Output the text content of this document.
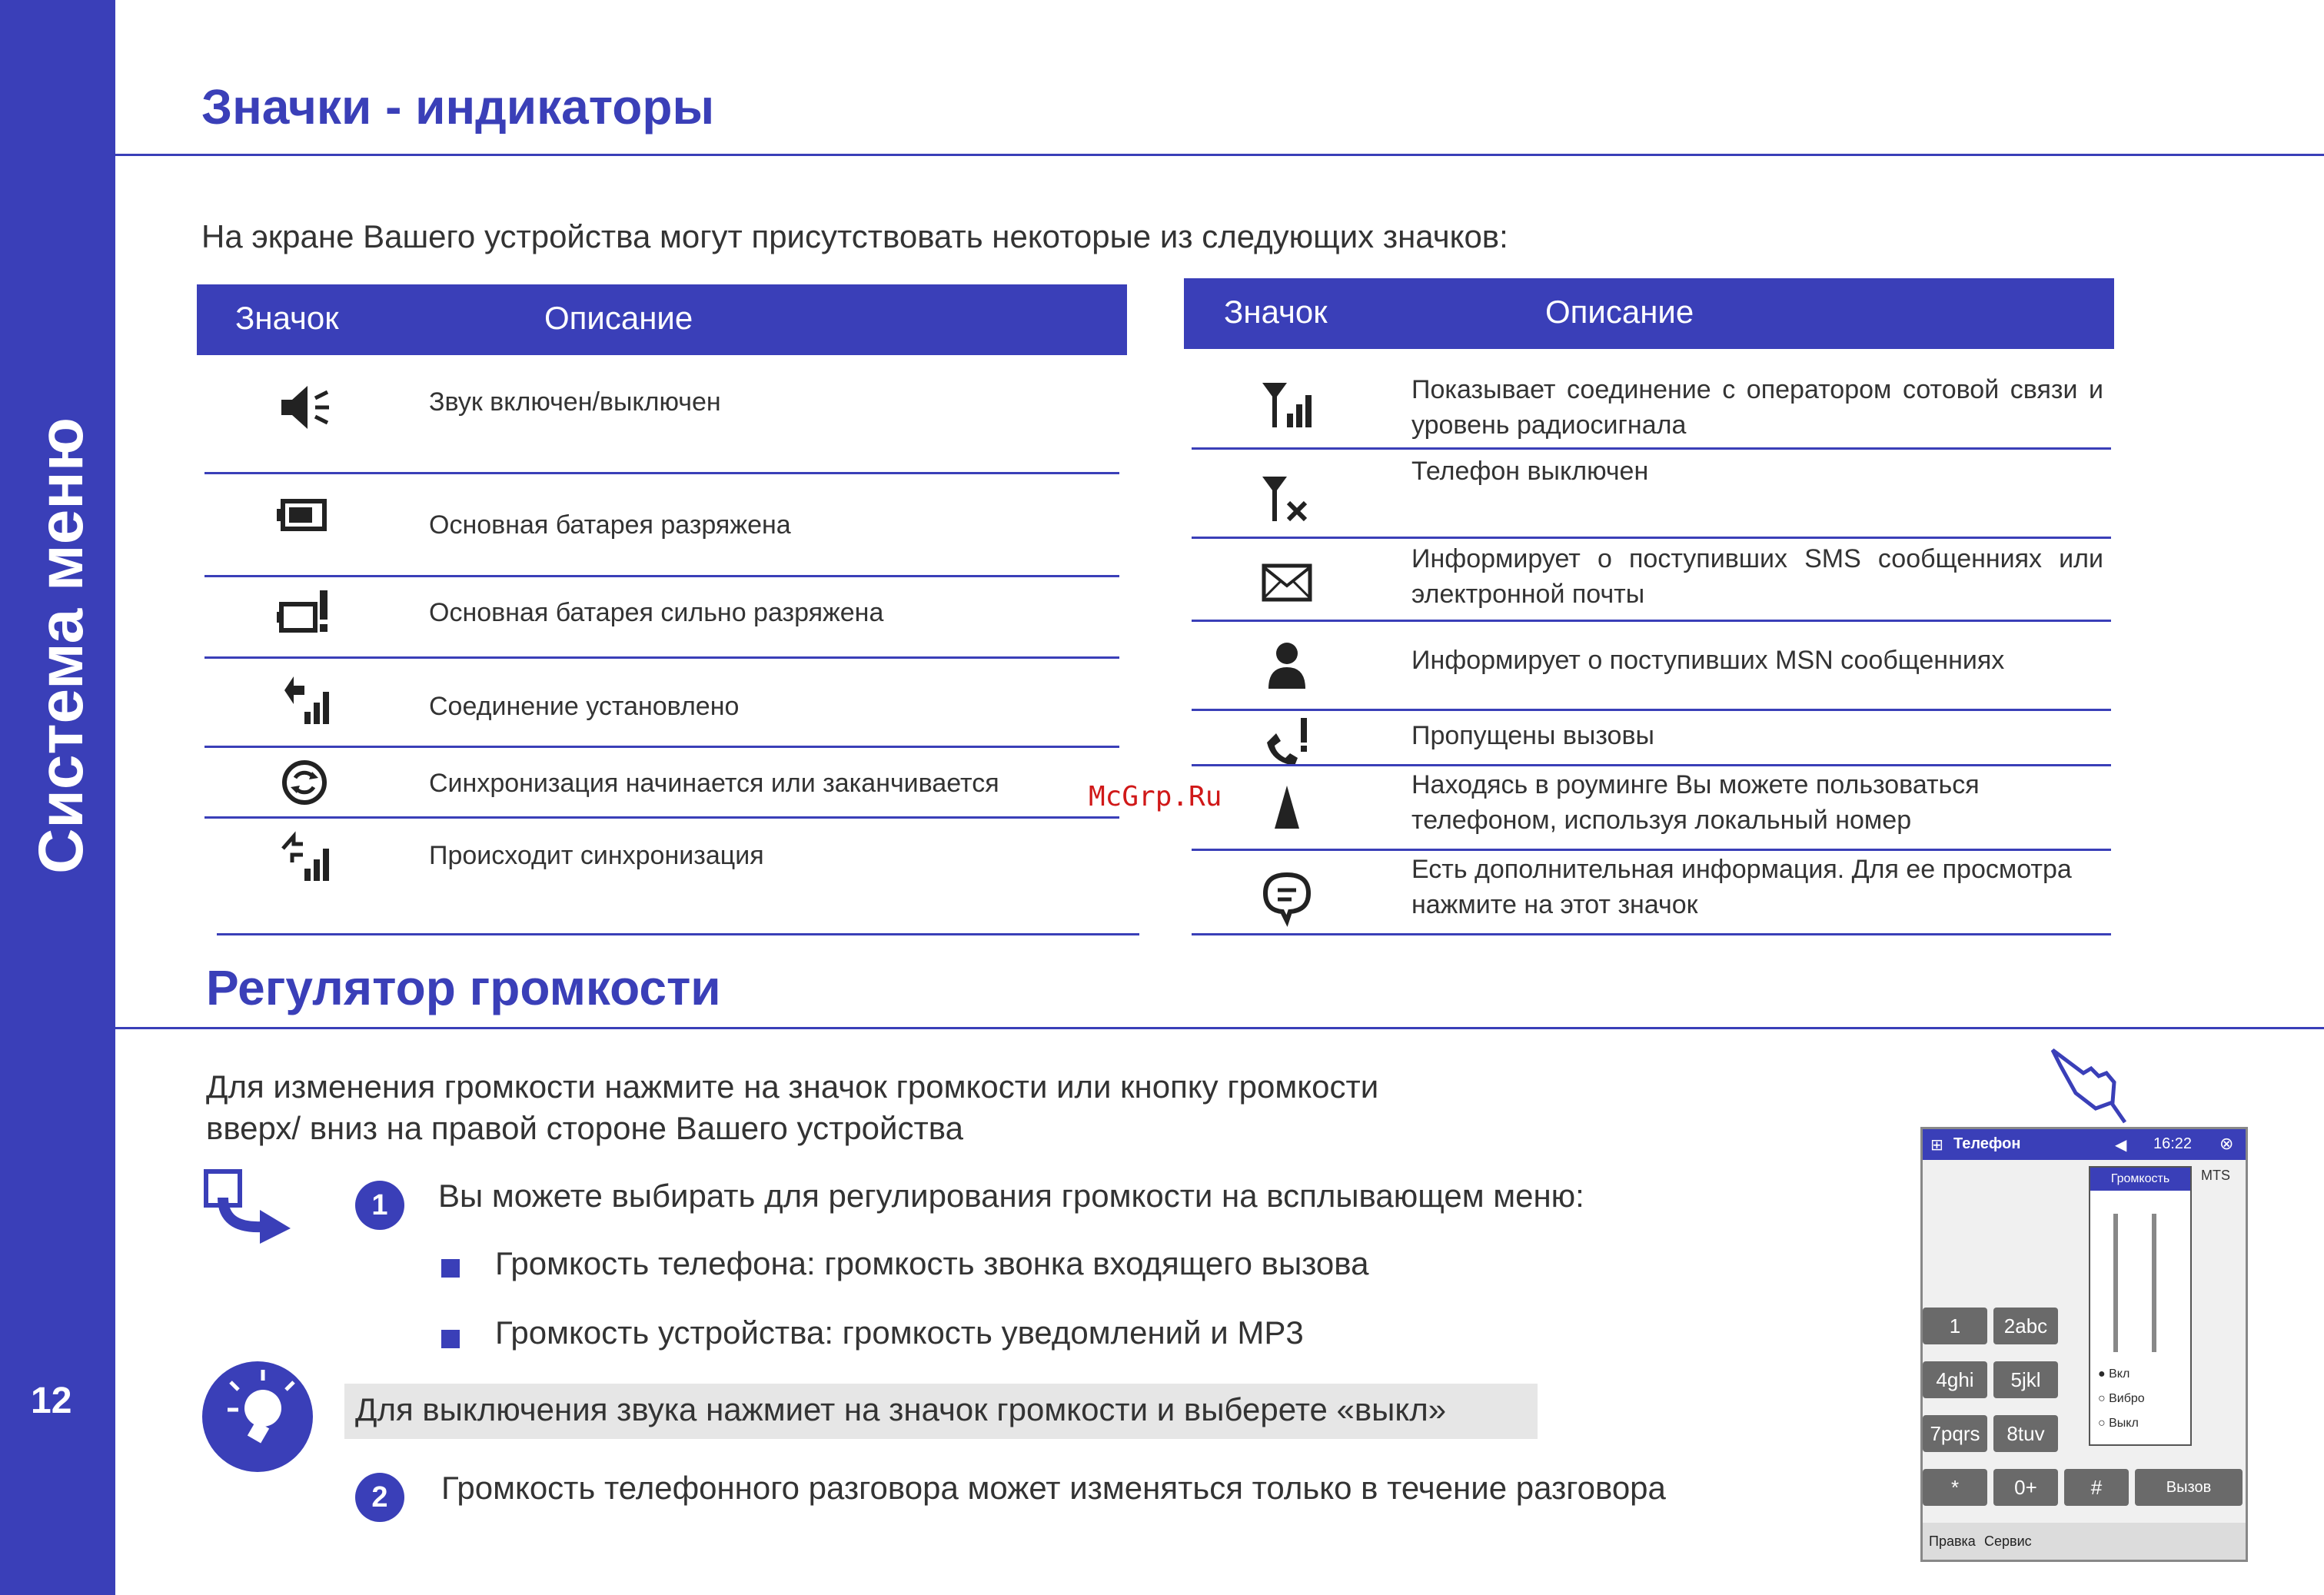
Система меню
12
Значки - индикаторы
На экране Вашего устройства могут присутствовать некоторые из следующих значков:
Значок	Описание
Звук включен/выключен
Основная батарея разряжена
Основная батарея сильно разряжена
Соединение установлено
Синхронизация начинается или заканчивается
Происходит синхронизация
Значок	Описание
Показывает соединение с оператором сотовой связи и уровень радиосигнала
Телефон выключен
Информирует о поступивших SMS сообщенниях или электронной почты
Информирует о поступивших MSN сообщенниях
Пропущены вызовы
Находясь в роуминге Вы можете пользоваться телефоном, используя локальный номер
Есть дополнительная информация. Для ее просмотра нажмите на этот значок
McGrp.Ru
Регулятор громкости
Для изменения громкости нажмите на значок громкости или кнопку громкости
вверх/ вниз на правой стороне Вашего устройства
1	Вы можете выбирать для регулирования громкости на всплывающем меню:
Громкость телефона: громкость звонка входящего вызова
Громкость устройства: громкость уведомлений и MP3
Для выключения звука нажмиет на значок громкости и выберете «выкл»
2	Громкость телефонного разговора может изменяться только в течение разговора
⊞ Телефон	◀ 16:22 ⊗
MTS
1	2abc
4ghi	5jkl
7pqrs	8tuv
*	0+	#	Вызов
Громкость
● Вкл
○ Вибро
○ Выкл
Правка Сервис
